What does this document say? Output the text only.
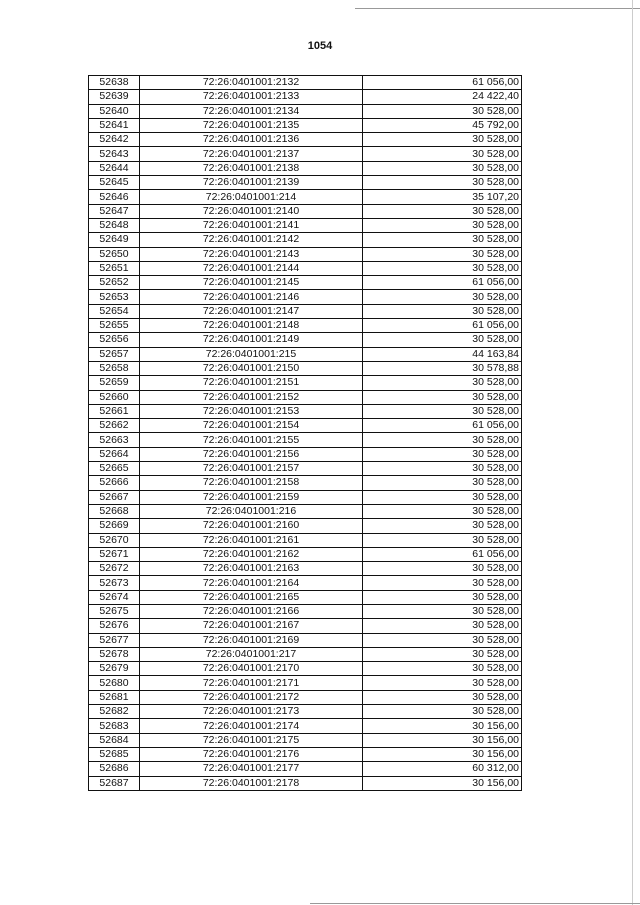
1054
52638	72:26:0401001:2132	61 056,00
52639	72:26:0401001:2133	24 422,40
52640	72:26:0401001:2134	30 528,00
52641	72:26:0401001:2135	45 792,00
52642	72:26:0401001:2136	30 528,00
52643	72:26:0401001:2137	30 528,00
52644	72:26:0401001:2138	30 528,00
52645	72:26:0401001:2139	30 528,00
52646	72:26:0401001:214	35 107,20
52647	72:26:0401001:2140	30 528,00
52648	72:26:0401001:2141	30 528,00
52649	72:26:0401001:2142	30 528,00
52650	72:26:0401001:2143	30 528,00
52651	72:26:0401001:2144	30 528,00
52652	72:26:0401001:2145	61 056,00
52653	72:26:0401001:2146	30 528,00
52654	72:26:0401001:2147	30 528,00
52655	72:26:0401001:2148	61 056,00
52656	72:26:0401001:2149	30 528,00
52657	72:26:0401001:215	44 163,84
52658	72:26:0401001:2150	30 578,88
52659	72:26:0401001:2151	30 528,00
52660	72:26:0401001:2152	30 528,00
52661	72:26:0401001:2153	30 528,00
52662	72:26:0401001:2154	61 056,00
52663	72:26:0401001:2155	30 528,00
52664	72:26:0401001:2156	30 528,00
52665	72:26:0401001:2157	30 528,00
52666	72:26:0401001:2158	30 528,00
52667	72:26:0401001:2159	30 528,00
52668	72:26:0401001:216	30 528,00
52669	72:26:0401001:2160	30 528,00
52670	72:26:0401001:2161	30 528,00
52671	72:26:0401001:2162	61 056,00
52672	72:26:0401001:2163	30 528,00
52673	72:26:0401001:2164	30 528,00
52674	72:26:0401001:2165	30 528,00
52675	72:26:0401001:2166	30 528,00
52676	72:26:0401001:2167	30 528,00
52677	72:26:0401001:2169	30 528,00
52678	72:26:0401001:217	30 528,00
52679	72:26:0401001:2170	30 528,00
52680	72:26:0401001:2171	30 528,00
52681	72:26:0401001:2172	30 528,00
52682	72:26:0401001:2173	30 528,00
52683	72:26:0401001:2174	30 156,00
52684	72:26:0401001:2175	30 156,00
52685	72:26:0401001:2176	30 156,00
52686	72:26:0401001:2177	60 312,00
52687	72:26:0401001:2178	30 156,00
